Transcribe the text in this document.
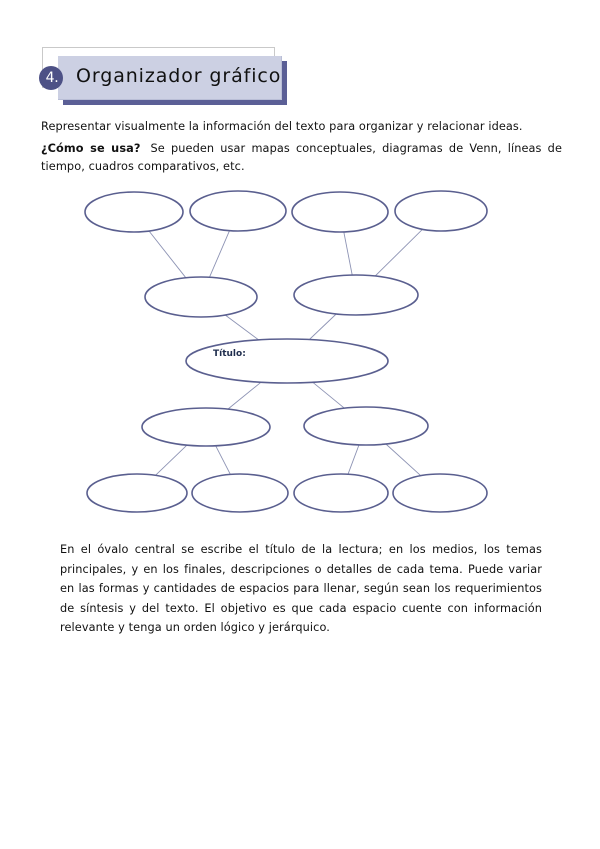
4. Organizador gráfico

Representar visualmente la información del texto para organizar y relacionar ideas.

¿Cómo se usa? Se pueden usar mapas conceptuales, diagramas de Venn, líneas de tiempo, cuadros comparativos, etc.

Título:

En el óvalo central se escribe el título de la lectura; en los medios, los temas principales, y en los finales, descripciones o detalles de cada tema. Puede variar en las formas y cantidades de espacios para llenar, según sean los requerimientos de síntesis y del texto. El objetivo es que cada espacio cuente con información relevante y tenga un orden lógico y jerárquico.
